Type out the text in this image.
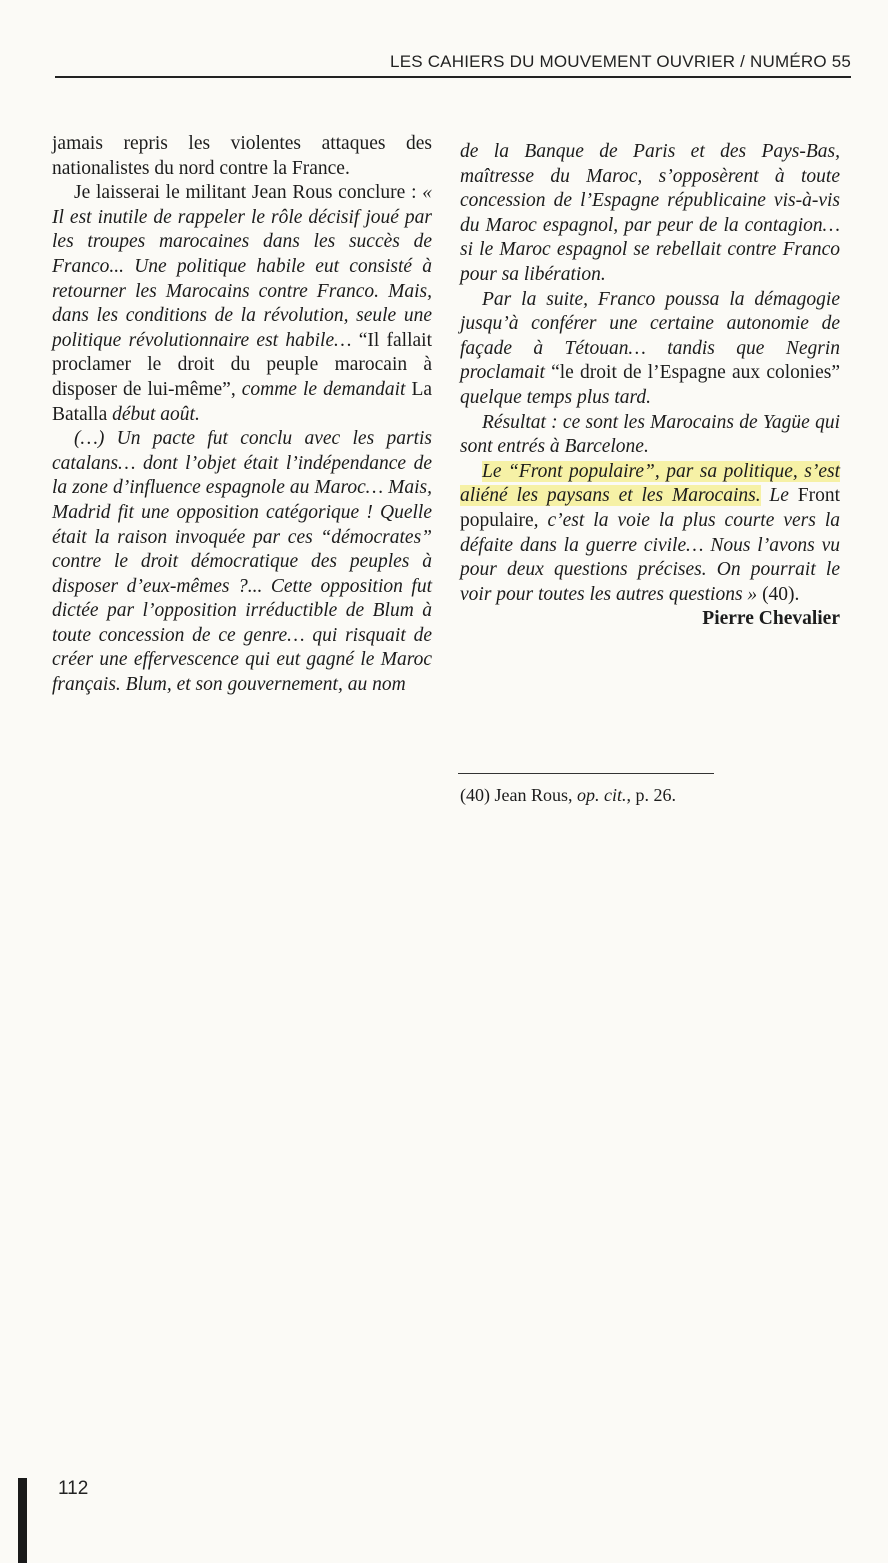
LES CAHIERS DU MOUVEMENT OUVRIER / NUMÉRO 55

jamais repris les violentes attaques des nationalistes du nord contre la France.

Je laisserai le militant Jean Rous conclure : « Il est inutile de rappeler le rôle décisif joué par les troupes marocaines dans les succès de Franco... Une politique habile eut consisté à retourner les Marocains contre Franco. Mais, dans les conditions de la révolution, seule une politique révolutionnaire est habile… “Il fallait proclamer le droit du peuple marocain à disposer de lui-même”, comme le demandait La Batalla début août.

(…) Un pacte fut conclu avec les partis catalans… dont l’objet était l’indépendance de la zone d’influence espagnole au Maroc… Mais, Madrid fit une opposition catégorique ! Quelle était la raison invoquée par ces “démocrates” contre le droit démocratique des peuples à disposer d’eux-mêmes ?... Cette opposition fut dictée par l’opposition irréductible de Blum à toute concession de ce genre… qui risquait de créer une effervescence qui eut gagné le Maroc français. Blum, et son gouvernement, au nom

de la Banque de Paris et des Pays-Bas, maîtresse du Maroc, s’opposèrent à toute concession de l’Espagne républicaine vis-à-vis du Maroc espagnol, par peur de la contagion… si le Maroc espagnol se rebellait contre Franco pour sa libération.

Par la suite, Franco poussa la démagogie jusqu’à conférer une certaine autonomie de façade à Tétouan… tandis que Negrin proclamait “le droit de l’Espagne aux colonies” quelque temps plus tard.

Résultat : ce sont les Marocains de Yagüe qui sont entrés à Barcelone.

Le “Front populaire”, par sa politique, s’est aliéné les paysans et les Marocains. Le Front populaire, c’est la voie la plus courte vers la défaite dans la guerre civile… Nous l’avons vu pour deux questions précises. On pourrait le voir pour toutes les autres questions » (40).

Pierre Chevalier

(40) Jean Rous, op. cit., p. 26.
112
